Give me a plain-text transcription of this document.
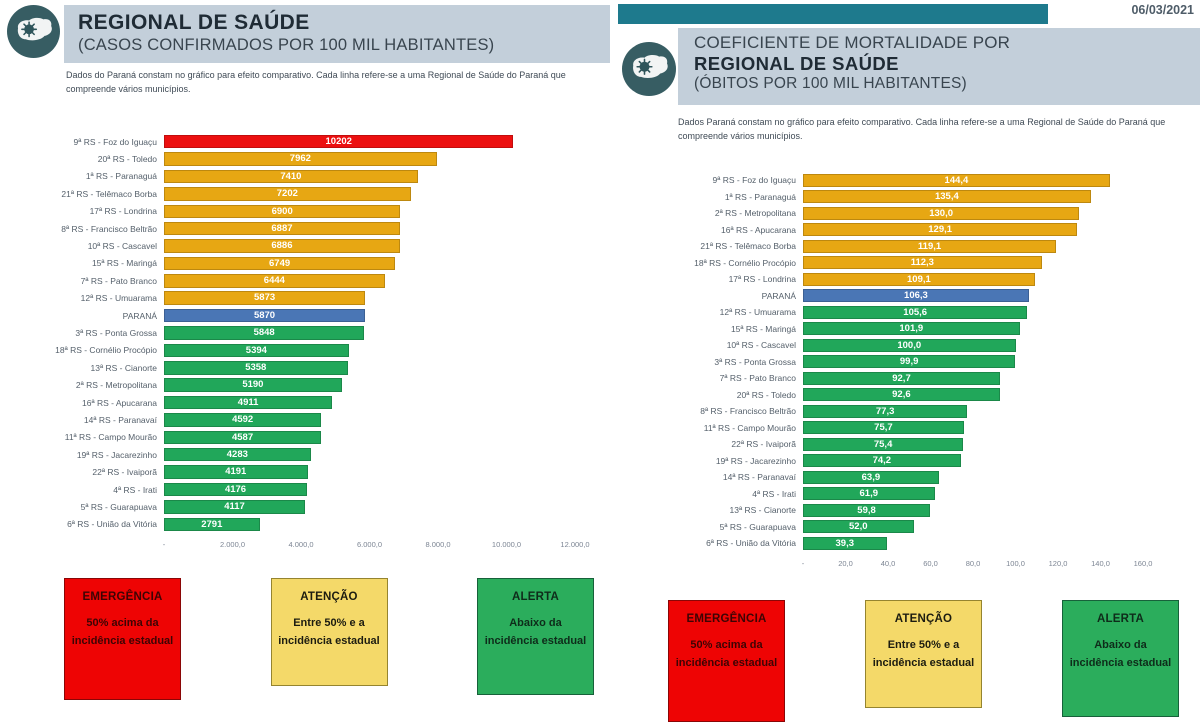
REGIONAL DE SAÚDE
(CASOS CONFIRMADOS POR 100 MIL HABITANTES)
Dados do Paraná constam no gráfico para efeito comparativo. Cada linha refere-se a uma Regional de Saúde do Paraná que compreende vários municípios.
9ª RS - Foz do Iguaçu	10202
20ª RS - Toledo	7962
1ª RS - Paranaguá	7410
21ª RS - Telêmaco Borba	7202
17ª RS - Londrina	6900
8ª RS - Francisco Beltrão	6887
10ª RS - Cascavel	6886
15ª RS - Maringá	6749
7ª RS - Pato Branco	6444
12ª RS - Umuarama	5873
PARANÁ	5870
3ª RS - Ponta Grossa	5848
18ª RS - Cornélio Procópio	5394
13ª RS - Cianorte	5358
2ª RS - Metropolitana	5190
16ª RS - Apucarana	4911
14ª RS - Paranavaí	4592
11ª RS - Campo Mourão	4587
19ª RS - Jacarezinho	4283
22ª RS - Ivaiporã	4191
4ª RS - Irati	4176
5ª RS - Guarapuava	4117
6ª RS - União da Vitória	2791
-	2.000,0	4.000,0	6.000,0	8.000,0	10.000,0	12.000,0
EMERGÊNCIA
50% acima da incidência estadual
ATENÇÃO
Entre 50% e a incidência estadual
ALERTA
Abaixo da incidência estadual
06/03/2021
COEFICIENTE DE MORTALIDADE POR
REGIONAL DE SAÚDE
(ÓBITOS POR 100 MIL HABITANTES)
Dados Paraná constam no gráfico para efeito comparativo. Cada linha refere-se a uma Regional de Saúde do Paraná que compreende vários municípios.
9ª RS - Foz do Iguaçu	144,4
1ª RS - Paranaguá	135,4
2ª RS - Metropolitana	130,0
16ª RS - Apucarana	129,1
21ª RS - Telêmaco Borba	119,1
18ª RS - Cornélio Procópio	112,3
17ª RS - Londrina	109,1
PARANÁ	106,3
12ª RS - Umuarama	105,6
15ª RS - Maringá	101,9
10ª RS - Cascavel	100,0
3ª RS - Ponta Grossa	99,9
7ª RS - Pato Branco	92,7
20ª RS - Toledo	92,6
8ª RS - Francisco Beltrão	77,3
11ª RS - Campo Mourão	75,7
22ª RS - Ivaiporã	75,4
19ª RS - Jacarezinho	74,2
14ª RS - Paranavaí	63,9
4ª RS - Irati	61,9
13ª RS - Cianorte	59,8
5ª RS - Guarapuava	52,0
6ª RS - União da Vitória	39,3
-	20,0	40,0	60,0	80,0	100,0	120,0	140,0	160,0
EMERGÊNCIA
50% acima da incidência estadual
ATENÇÃO
Entre 50% e a incidência estadual
ALERTA
Abaixo da incidência estadual
